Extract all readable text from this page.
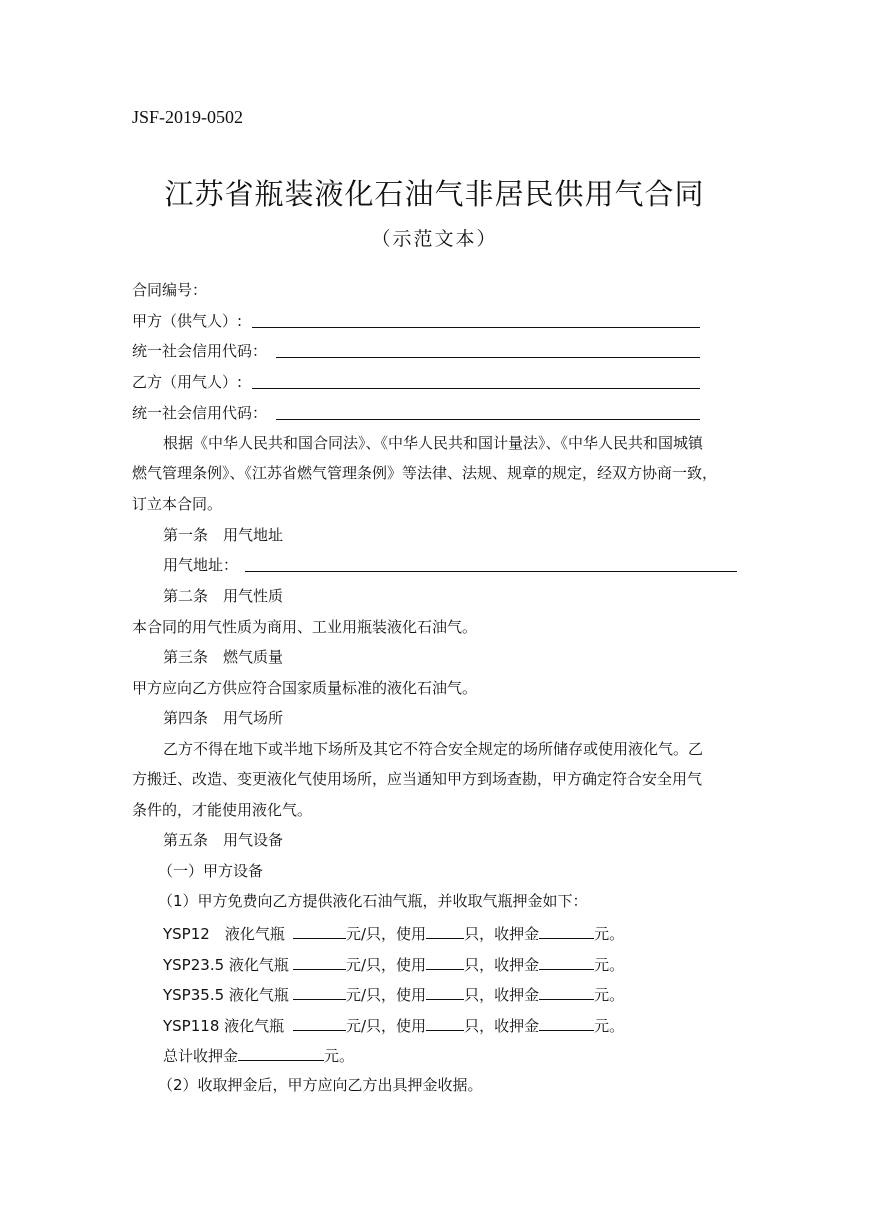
JSF-2019-0502
江苏省瓶装液化石油气非居民供用气合同
（示范文本）
合同编号：
甲方（供气人）:
统一社会信用代码：
乙方（用气人）:
统一社会信用代码：
根据《中华人民共和国合同法》、《中华人民共和国计量法》、《中华人民共和国城镇
燃气管理条例》、《江苏省燃气管理条例》等法律、法规、规章的规定，经双方协商一致，
订立本合同。
第一条　用气地址
用气地址：
第二条　用气性质
本合同的用气性质为商用、工业用瓶装液化石油气。
第三条　燃气质量
甲方应向乙方供应符合国家质量标准的液化石油气。
第四条　用气场所
乙方不得在地下或半地下场所及其它不符合安全规定的场所储存或使用液化气。乙
方搬迁、改造、变更液化气使用场所，应当通知甲方到场查勘，甲方确定符合安全用气
条件的，才能使用液化气。
第五条　用气设备
（一）甲方设备
（1）甲方免费向乙方提供液化石油气瓶，并收取气瓶押金如下：
YSP12　液化气瓶	元/只，使用	只，收押金	元。
YSP23.5 液化气瓶	元/只，使用	只，收押金	元。
YSP35.5 液化气瓶	元/只，使用	只，收押金	元。
YSP118 液化气瓶	元/只，使用	只，收押金	元。
总计收押金	元。
（2）收取押金后，甲方应向乙方出具押金收据。
